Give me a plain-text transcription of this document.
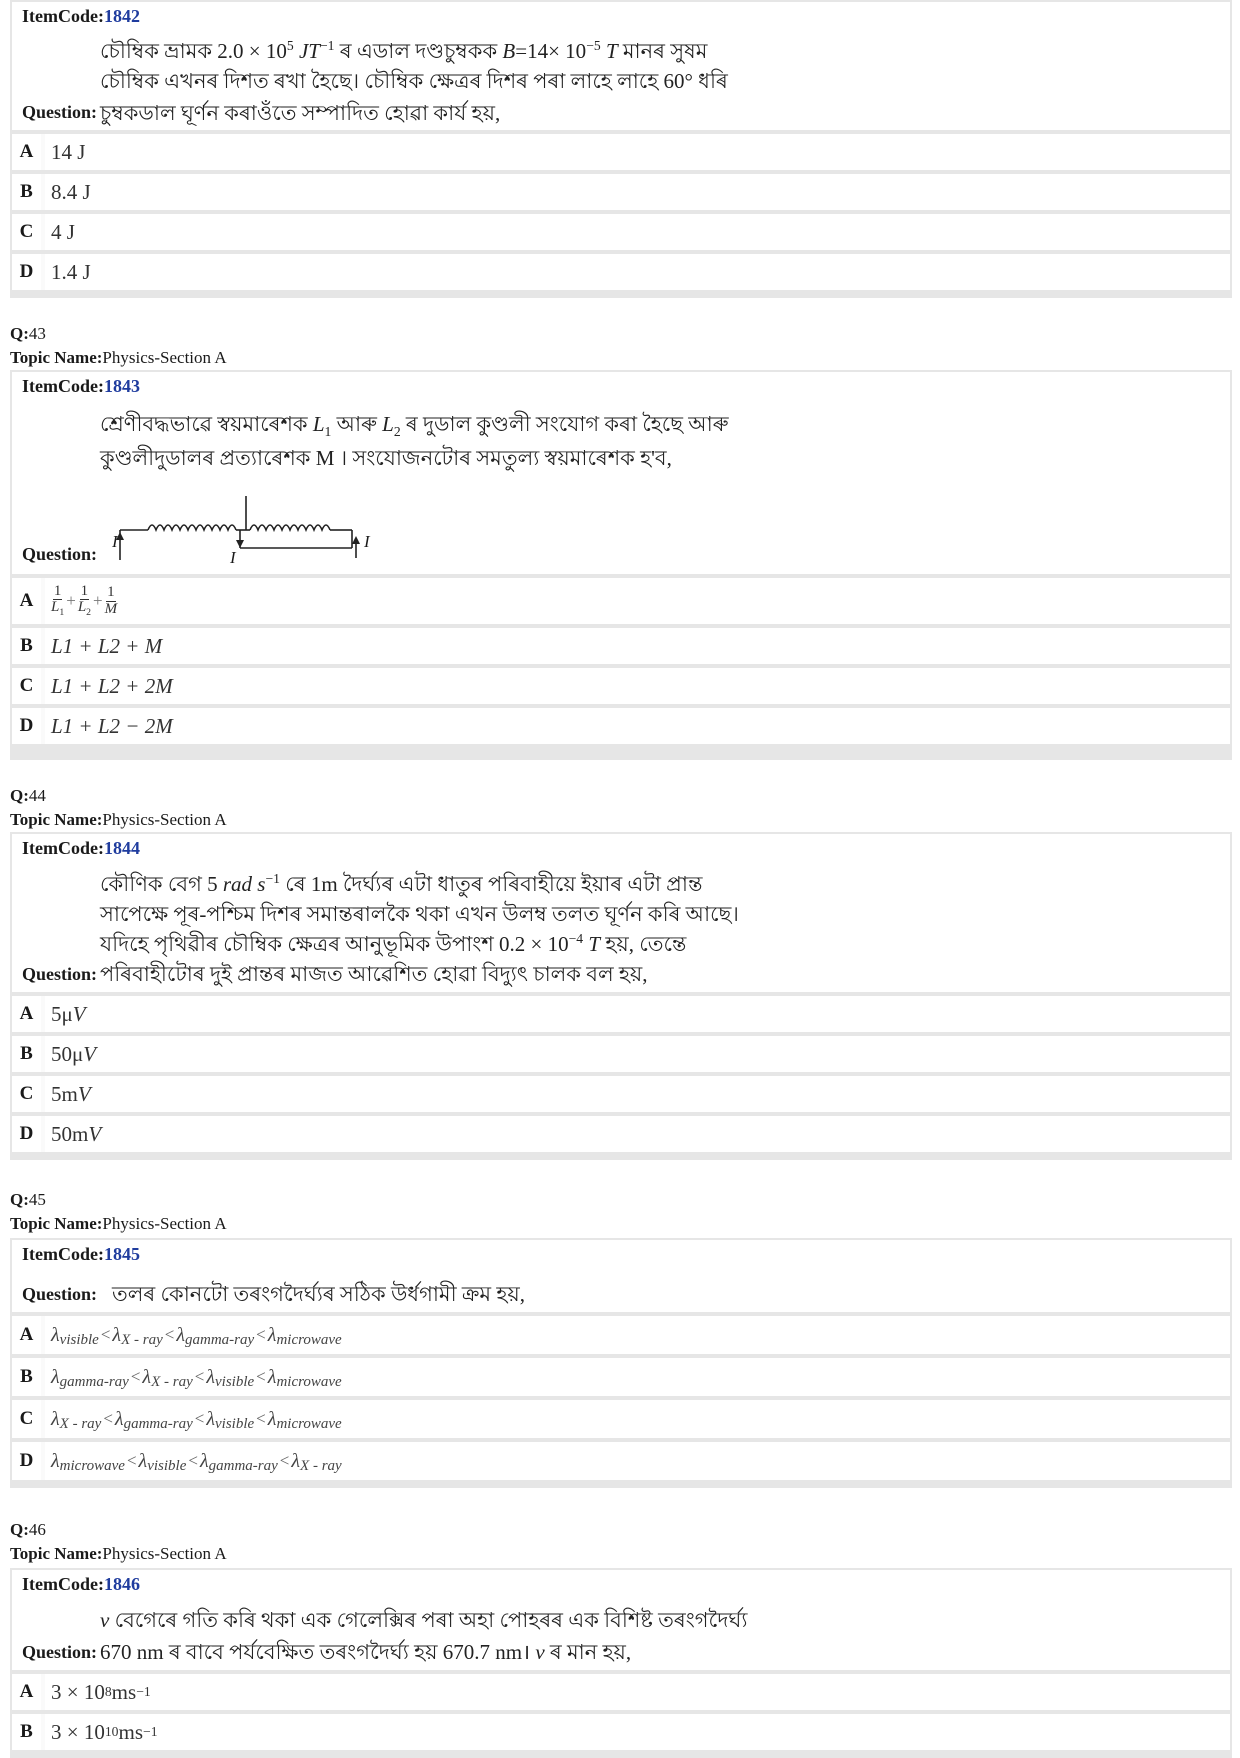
ItemCode:1842
চৌম্বিক ভ্ৰামক $2.0 \times 10^5$ $JT^{-1}$ ৰ এডাল দণ্ডচুম্বকক $B=14\times 10^{-5}$ T মানৰ সুষম
চৌম্বিক এখনৰ দিশত ৰখা হৈছে। চৌম্বিক ক্ষেত্ৰৰ দিশৰ পৰা লাহে লাহে 60° ধৰি
Question: চুম্বকডাল ঘূৰ্ণন কৰাওঁতে সম্পাদিত হোৱা কাৰ্য হয়,
A 14 J
B 8.4 J
C 4 J
D 1.4 J
Q:43
Topic Name:Physics-Section A
ItemCode:1843
শ্ৰেণীবদ্ধভাৱে স্বয়মাৰেশক $L_1$ আৰু $L_2$ ৰ দুডাল কুণ্ডলী সংযোগ কৰা হৈছে আৰু
কুণ্ডলীদুডালৰ প্ৰত্যাৰেশক M । সংযোজনটোৰ সমতুল্য স্বয়মাৰেশক হ'ব,
Question:
I
I
I
A	$\frac{1}{L_1} + \frac{1}{L_2} + \frac{1}{M}$
B L1 + L2 + M
C L1 + L2 + 2M
D L1 + L2 − 2M
Q:44
Topic Name:Physics-Section A
ItemCode:1844
কৌণিক বেগ 5 rad $s^{-1}$ ৰে 1m দৈৰ্ঘ্যৰ এটা ধাতুৰ পৰিবাহীয়ে ইয়াৰ এটা প্ৰান্ত
সাপেক্ষে পূৰ-পশ্চিম দিশৰ সমান্তৰালকৈ থকা এখন উলম্ব তলত ঘূৰ্ণন কৰি আছে।
যদিহে পৃথিৱীৰ চৌম্বিক ক্ষেত্ৰৰ আনুভূমিক উপাংশ $0.2 \times 10^{-4}$ T হয়, তেন্তে
Question: পৰিবাহীটোৰ দুই প্ৰান্তৰ মাজত আৱেশিত হোৱা বিদ্যুৎ চালক বল হয়,
A 5μ V
B 50μ V
C 5m V
D 50m V
Q:45
Topic Name:Physics-Section A
ItemCode:1845
Question: তলৰ কোনটো তৰংগদৈৰ্ঘ্যৰ সঠিক উৰ্ধগামী ক্ৰম হয়,
A λ $_{visible}$ < λ $_{X - ray}$ < λ $_{gamma-ray}$ < λ $_{microwave}$
B λ $_{gamma-ray}$ < λ $_{X - ray}$ < λ $_{visible}$ < λ $_{microwave}$
C λ $_{X - ray}$ < λ $_{gamma-ray}$ < λ $_{visible}$ < λ $_{microwave}$
D λ $_{microwave}$ < λ $_{visible}$ < λ $_{gamma-ray}$ < λ $_{X - ray}$
Q:46
Topic Name:Physics-Section A
ItemCode:1846
v বেগেৰে গতি কৰি থকা এক গেলেক্সিৰ পৰা অহা পোহৰৰ এক বিশিষ্ট তৰংগদৈৰ্ঘ্য
Question: 670 nm ৰ বাবে পৰ্যবেক্ষিত তৰংগদৈৰ্ঘ্য হয় 670.7 nm। v ৰ মান হয়,
A 3 × 10 8 ms −1
B 3 × 10 10 ms −1
